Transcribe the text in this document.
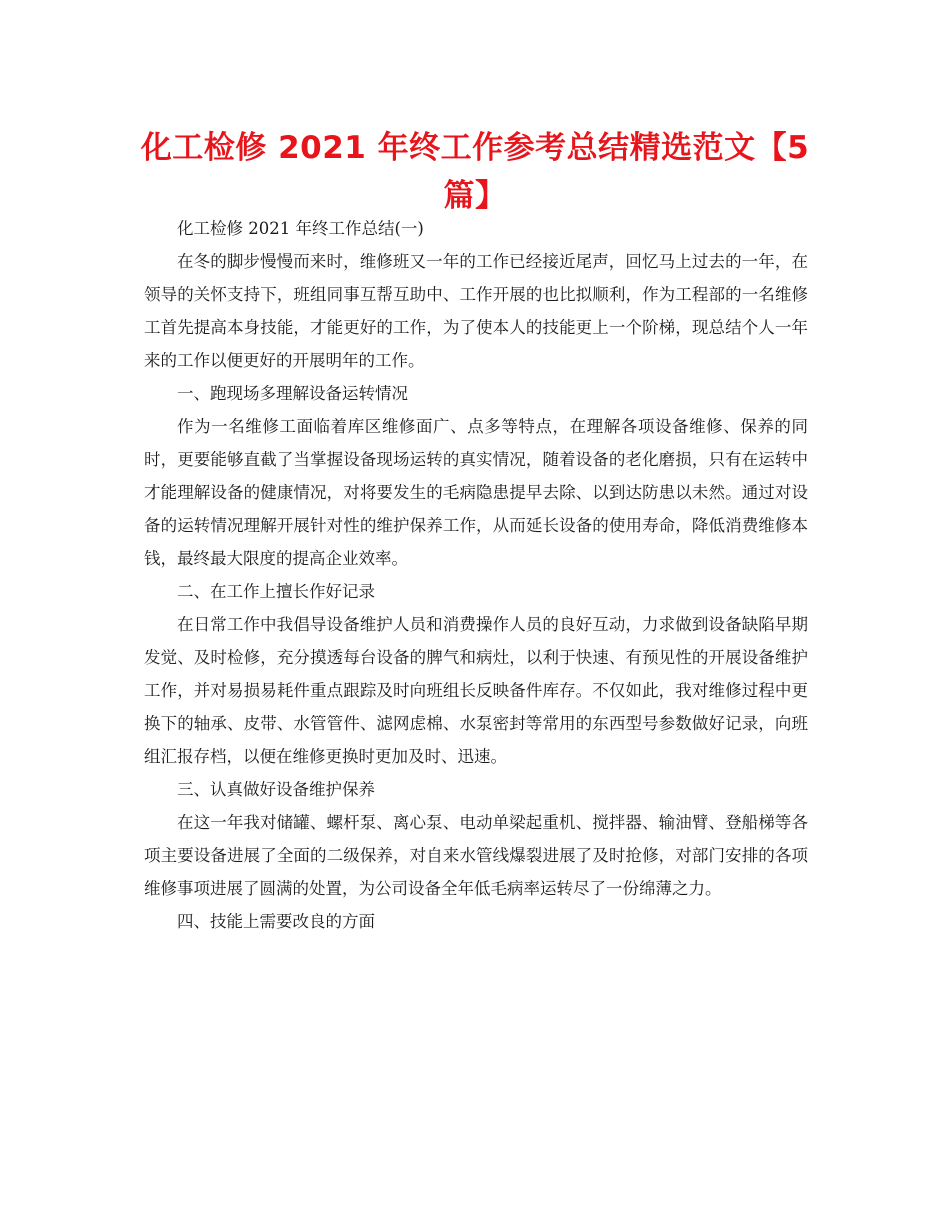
化工检修 2021 年终工作参考总结精选范文【5篇】

化工检修 2021 年终工作总结(一)

在冬的脚步慢慢而来时，维修班又一年的工作已经接近尾声，回忆马上过去的一年，在领导的关怀支持下，班组同事互帮互助中、工作开展的也比拟顺利，作为工程部的一名维修工首先提高本身技能，才能更好的工作，为了使本人的技能更上一个阶梯，现总结个人一年来的工作以便更好的开展明年的工作。

一、跑现场多理解设备运转情况

作为一名维修工面临着库区维修面广、点多等特点，在理解各项设备维修、保养的同时，更要能够直截了当掌握设备现场运转的真实情况，随着设备的老化磨损，只有在运转中才能理解设备的健康情况，对将要发生的毛病隐患提早去除、以到达防患以未然。通过对设备的运转情况理解开展针对性的维护保养工作，从而延长设备的使用寿命，降低消费维修本钱，最终最大限度的提高企业效率。

二、在工作上擅长作好记录

在日常工作中我倡导设备维护人员和消费操作人员的良好互动，力求做到设备缺陷早期发觉、及时检修，充分摸透每台设备的脾气和病灶，以利于快速、有预见性的开展设备维护工作，并对易损易耗件重点跟踪及时向班组长反映备件库存。不仅如此，我对维修过程中更换下的轴承、皮带、水管管件、滤网虑棉、水泵密封等常用的东西型号参数做好记录，向班组汇报存档，以便在维修更换时更加及时、迅速。

三、认真做好设备维护保养

在这一年我对储罐、螺杆泵、离心泵、电动单梁起重机、搅拌器、输油臂、登船梯等各项主要设备进展了全面的二级保养，对自来水管线爆裂进展了及时抢修，对部门安排的各项维修事项进展了圆满的处置，为公司设备全年低毛病率运转尽了一份绵薄之力。

四、技能上需要改良的方面
